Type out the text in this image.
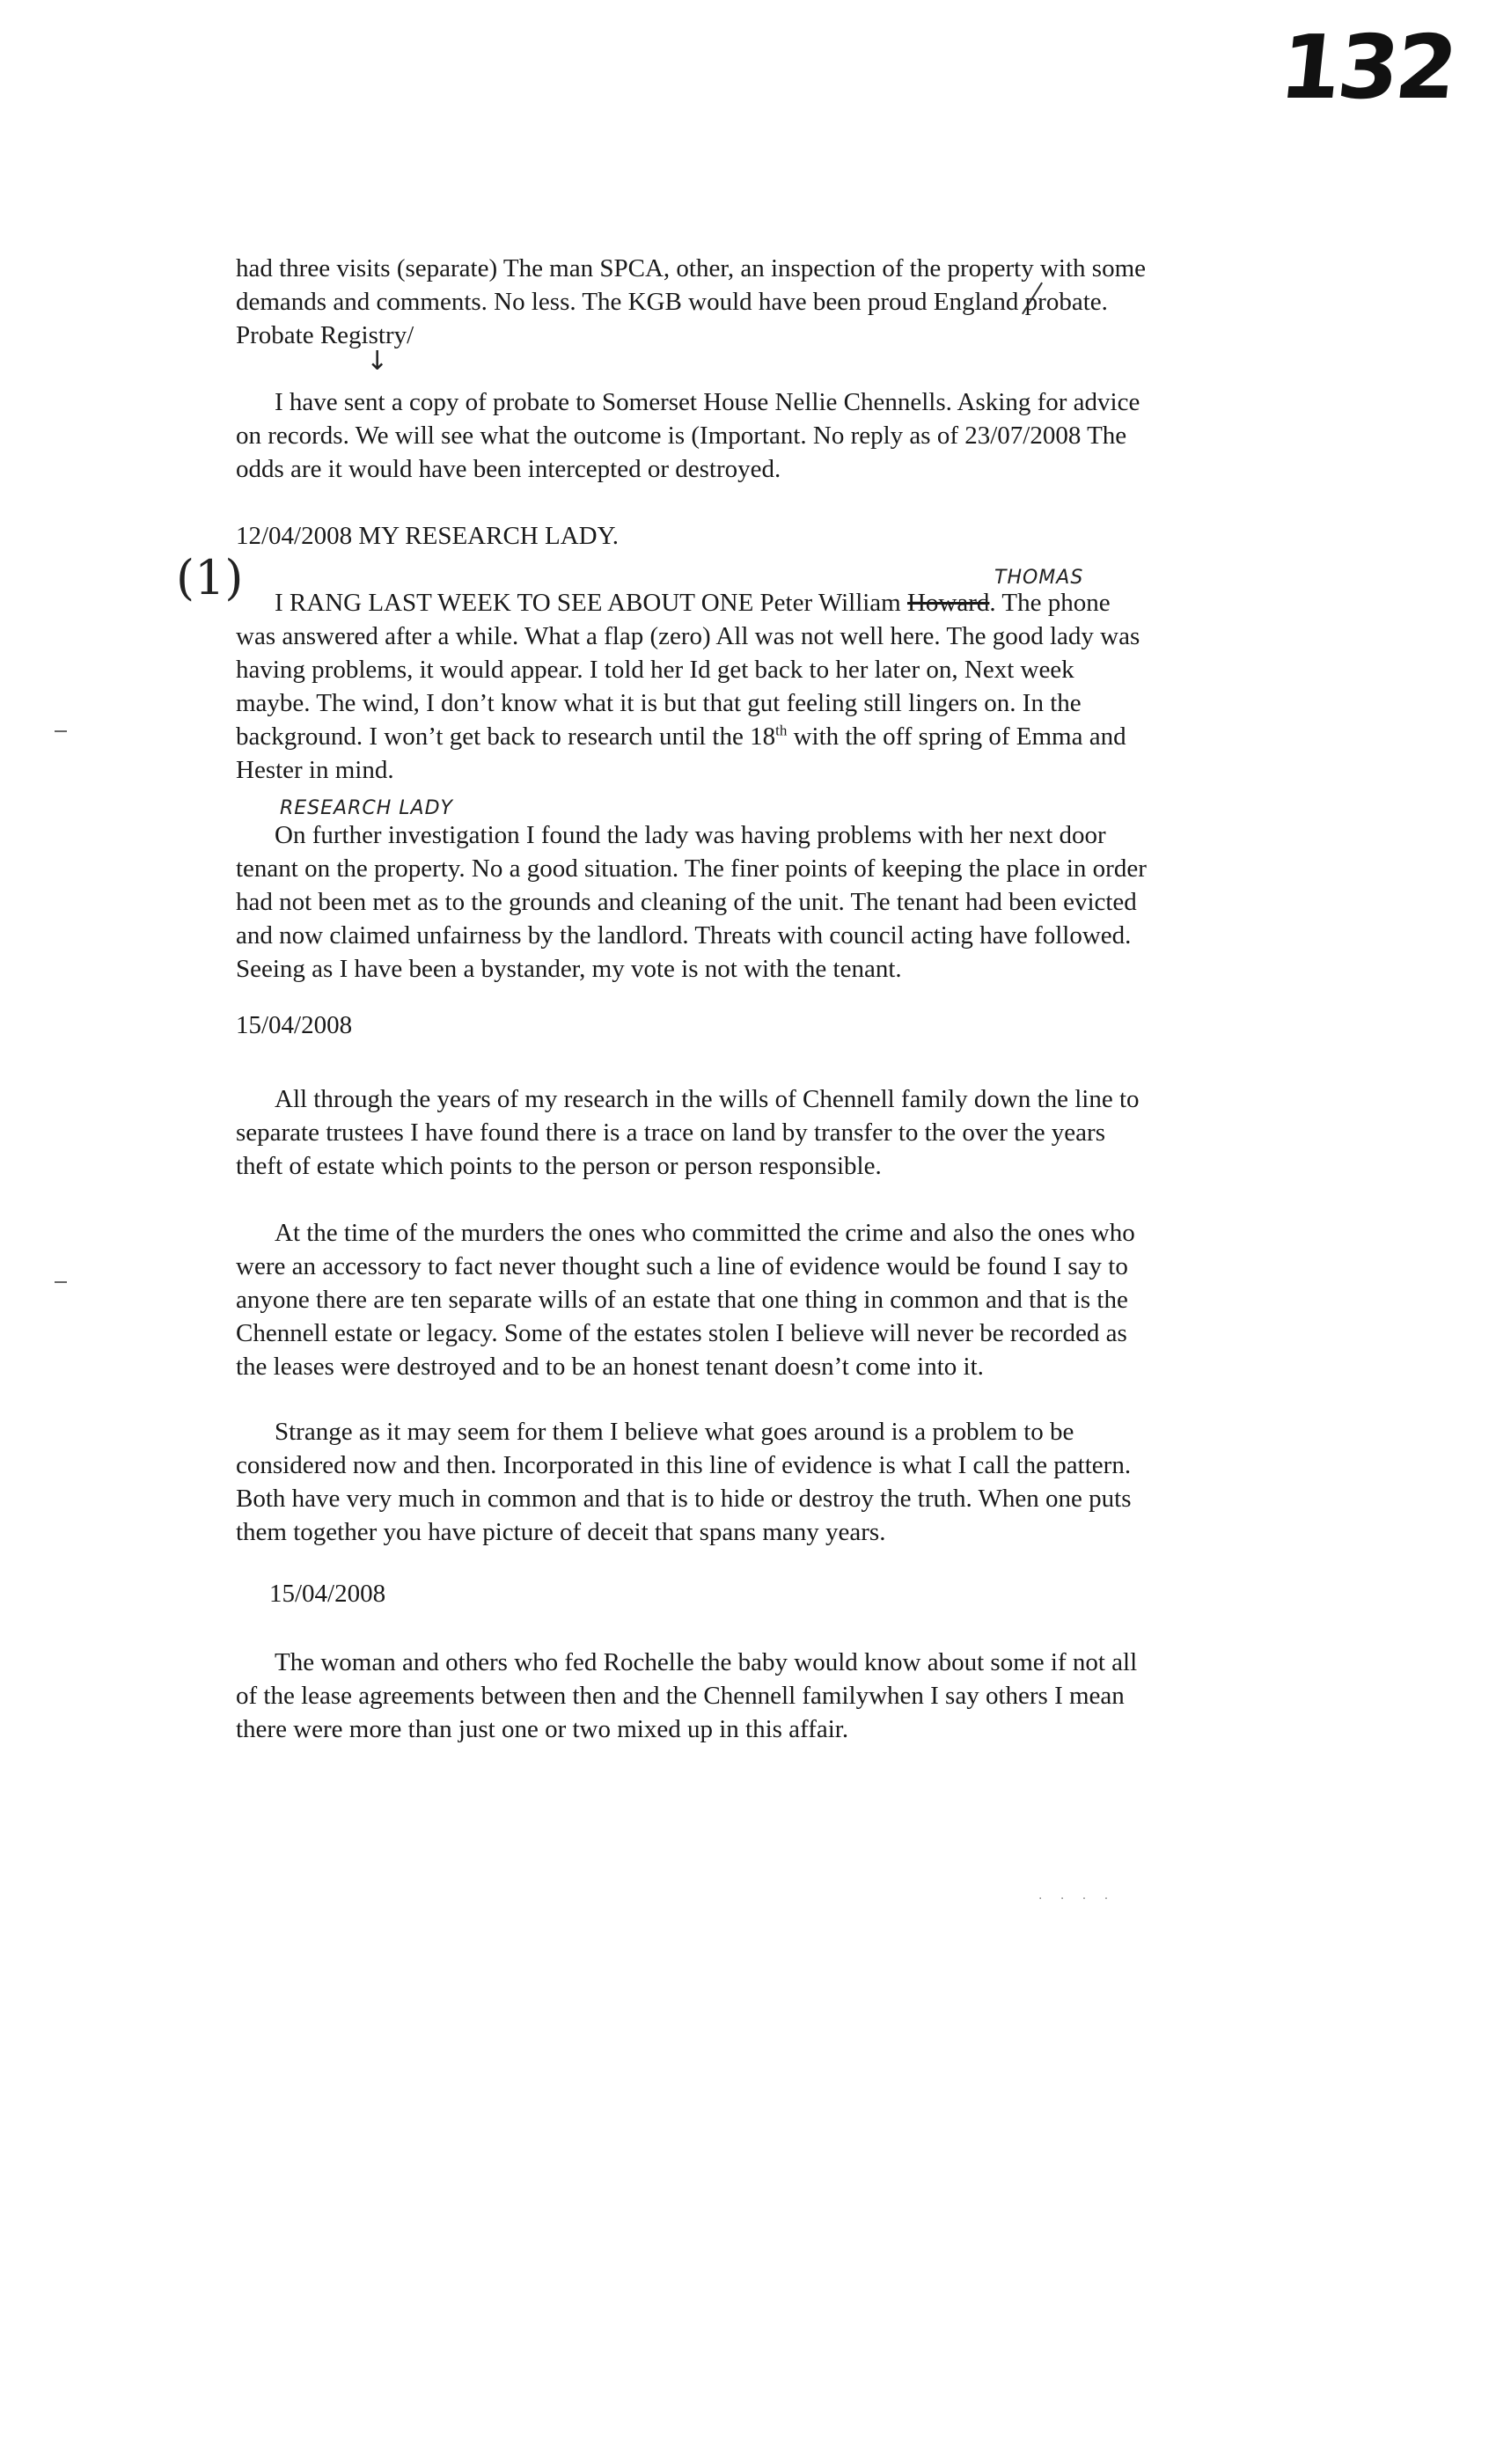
132

had three visits (separate) The man SPCA, other, an inspection of the property with some

demands and comments. No less. The KGB would have been proud England probate.

Probate Registry/

↓

I have sent a copy of probate to Somerset House Nellie Chennells. Asking for advice

on records. We will see what the outcome is (Important. No reply as of 23/07/2008 The

odds are it would have been intercepted or destroyed.

12/04/2008 MY RESEARCH LADY.

(1)	THOMAS

I RANG LAST WEEK TO SEE ABOUT ONE Peter William Howard. The phone

was answered after a while. What a flap (zero) All was not well here. The good lady was

having problems, it would appear. I told her Id get back to her later on, Next week

maybe. The wind, I don’t know what it is but that gut feeling still lingers on. In the

background. I won’t get back to research until the 18th with the off spring of Emma and

Hester in mind.

RESEARCH LADY

On further investigation I found the lady was having problems with her next door

tenant on the property. No a good situation. The finer points of keeping the place in order

had not been met as to the grounds and cleaning of the unit. The tenant had been evicted

and now claimed unfairness by the landlord. Threats with council acting have followed.

Seeing as I have been a bystander, my vote is not with the tenant.

15/04/2008

All through the years of my research in the wills of Chennell family down the line to

separate trustees I have found there is a trace on land by transfer to the over the years

theft of estate which points to the person or person responsible.

At the time of the murders the ones who committed the crime and also the ones who

were an accessory to fact never thought such a line of evidence would be found I say to

anyone there are ten separate wills of an estate that one thing in common and that is the

Chennell estate or legacy. Some of the estates stolen I believe will never be recorded as

the leases were destroyed and to be an honest tenant doesn’t come into it.

Strange as it may seem for them I believe what goes around is a problem to be

considered now and then. Incorporated in this line of evidence is what I call the pattern.

Both have very much in common and that is to hide or destroy the truth. When one puts

them together you have picture of deceit that spans many years.

15/04/2008

The woman and others who fed Rochelle the baby would know about some if not all

of the lease agreements between then and the Chennell familywhen I say others I mean

there were more than just one or two mixed up in this affair.

. . . .
